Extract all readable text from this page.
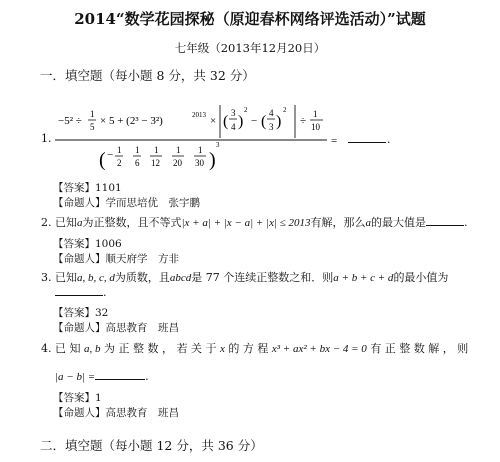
2014“数学花园探秘（原迎春杯网络评选活动）”试题
七年级（2013年12月20日）
一．填空题（每小题 8 分，共 32 分）
1.
−5² ÷
1
5 × 5 + (2³ − 3²)	2013 × ( 3
4 )
2
− ( 4
3 )
2
÷
1
10
( − 1
2
1
6
1
12
1
20
1
30 )
3	=	.
【答案】1101
【命题人】学而思培优　张宇鹏
2. 已知a为正整数，且不等式|x + a| + |x − a| + |x| ≤ 2013有解，那么a的最大值是	.
【答案】1006
【命题人】顺天府学　方非
3. 已知a, b, c, d为质数，且abcd是 77 个连续正整数之和．则a + b + c + d的最小值为
.
【答案】32
【命题人】高思教育　班昌
4. 已 知 a, b 为 正 整 数 ， 若 关 于 x 的 方 程 x³ + ax² + bx − 4 = 0 有 正 整 数 解 ， 则
|a − b| =	.
【答案】1
【命题人】高思教育　班昌
二．填空题（每小题 12 分，共 36 分）
